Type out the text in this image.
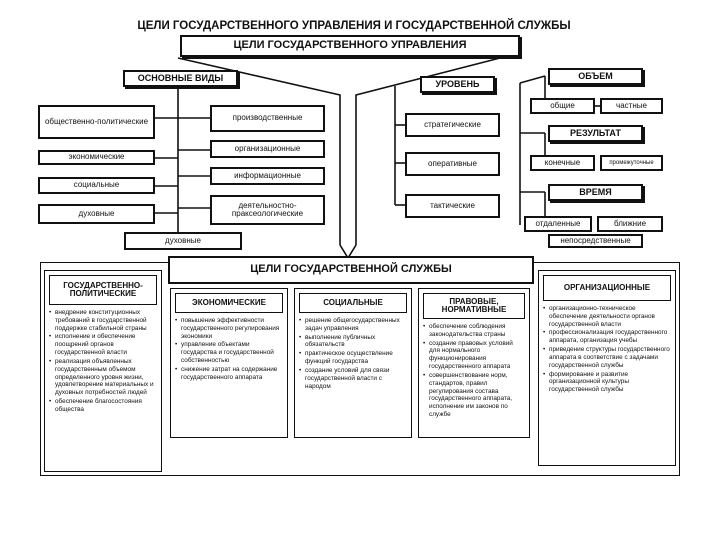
ЦЕЛИ ГОСУДАРСТВЕННОГО УПРАВЛЕНИЯ И ГОСУДАРСТВЕННОЙ СЛУЖБЫ
ЦЕЛИ ГОСУДАРСТВЕННОГО УПРАВЛЕНИЯ
ОСНОВНЫЕ ВИДЫ
общественно-политические
экономические
социальные
духовные
производственные
организационные
информационные
деятельностно-праксеологические
духовные
УРОВЕНЬ
стратегические
оперативные
тактические
ОБЪЕМ
общие	частные
РЕЗУЛЬТАТ
конечные	промежуточные
ВРЕМЯ
отдаленные	ближние
непосредственные
ЦЕЛИ ГОСУДАРСТВЕННОЙ СЛУЖБЫ
ГОСУДАРСТВЕННО-ПОЛИТИЧЕСКИЕ
• внедрение конституционных требований в государственной поддержке стабильной страны
• исполнение и обеспечение поощрений органов государственной власти
• реализация объявленных государственным объемом определенного уровня жизни, удовлетворение материальных и духовных потребностей людей
• обеспечение благосостояния общества
ЭКОНОМИЧЕСКИЕ
• повышение эффективности государственного регулирования экономики
• управление объектами государства и государственной собственностью
• снижение затрат на содержание государственного аппарата
СОЦИАЛЬНЫЕ
• решение общегосударственных задач управления
• выполнение публичных обязательств
• практическое осуществление функций государства
• создание условий для связи государственной власти с народом
ПРАВОВЫЕ, НОРМАТИВНЫЕ
• обеспечение соблюдения законодательства страны
• создание правовых условий для нормального функционирования государственного аппарата
• совершенствование норм, стандартов, правил регулирования состава государственного аппарата, исполнение им законов по службе
ОРГАНИЗАЦИОННЫЕ
• организационно-техническое обеспечение деятельности органов государственной власти
• профессионализация государственного аппарата, организация учебы
• приведение структуры государственного аппарата в соответствие с задачами государственной службы
• формирование и развитие организационной культуры государственной службы
